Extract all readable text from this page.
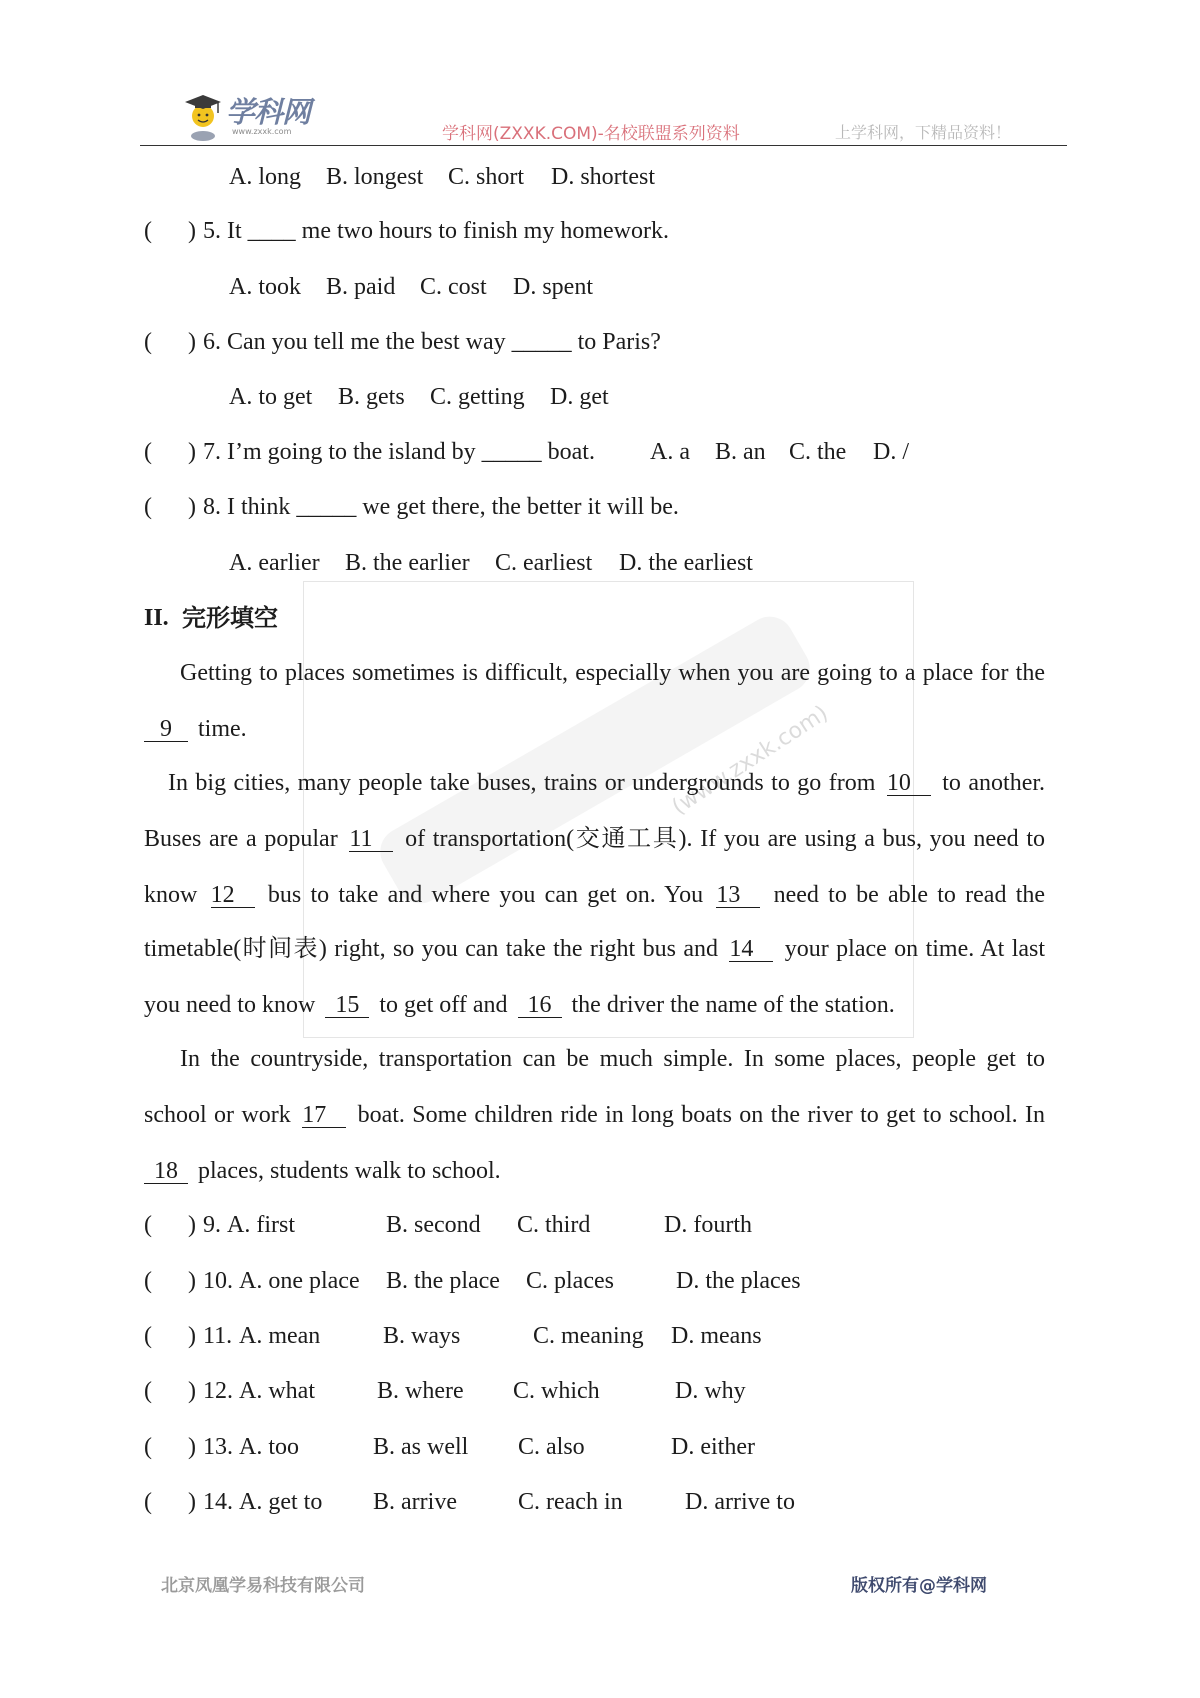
(www.zxxk.com)
学科网
www.zxxk.com	学科网(ZXXK.COM)-名校联盟系列资料	上学科网，下精品资料！
A. long B. longest C. short D. shortest
( ) 5. It ____ me two hours to finish my homework.
A. took B. paid C. cost D. spent
( ) 6. Can you tell me the best way _____ to Paris?
A. to get B. gets C. getting D. get
( ) 7. I’m going to the island by _____ boat. A. a B. an C. the D. /
( ) 8. I think _____ we get there, the better it will be.
A. earlier B. the earlier C. earliest D. the earliest
II. 完形填空
Getting to places sometimes is difficult, especially when you are going to a place for the
9 time.
In big cities, many people take buses, trains or undergrounds to go from 10 to another.
Buses are a popular 11 of transportation(交通工具). If you are using a bus, you need to
know 12 bus to take and where you can get on. You 13 need to be able to read the
timetable(时间表) right, so you can take the right bus and 14 your place on time. At last
you need to know 15 to get off and 16 the driver the name of the station.
In the countryside, transportation can be much simple. In some places, people get to
school or work 17 boat. Some children ride in long boats on the river to get to school. In
18 places, students walk to school.
( ) 9. A. first	B. second C. third	D. fourth
( ) 10. A. one place B. the place C. places	D. the places
( ) 11. A. mean	B. ways	C. meaning D. means
( ) 12. A. what	B. where C. which	D. why
( ) 13. A. too	B. as well C. also	D. either
( ) 14. A. get to B. arrive	C. reach in	D. arrive to
北京凤凰学易科技有限公司	版权所有@学科网
